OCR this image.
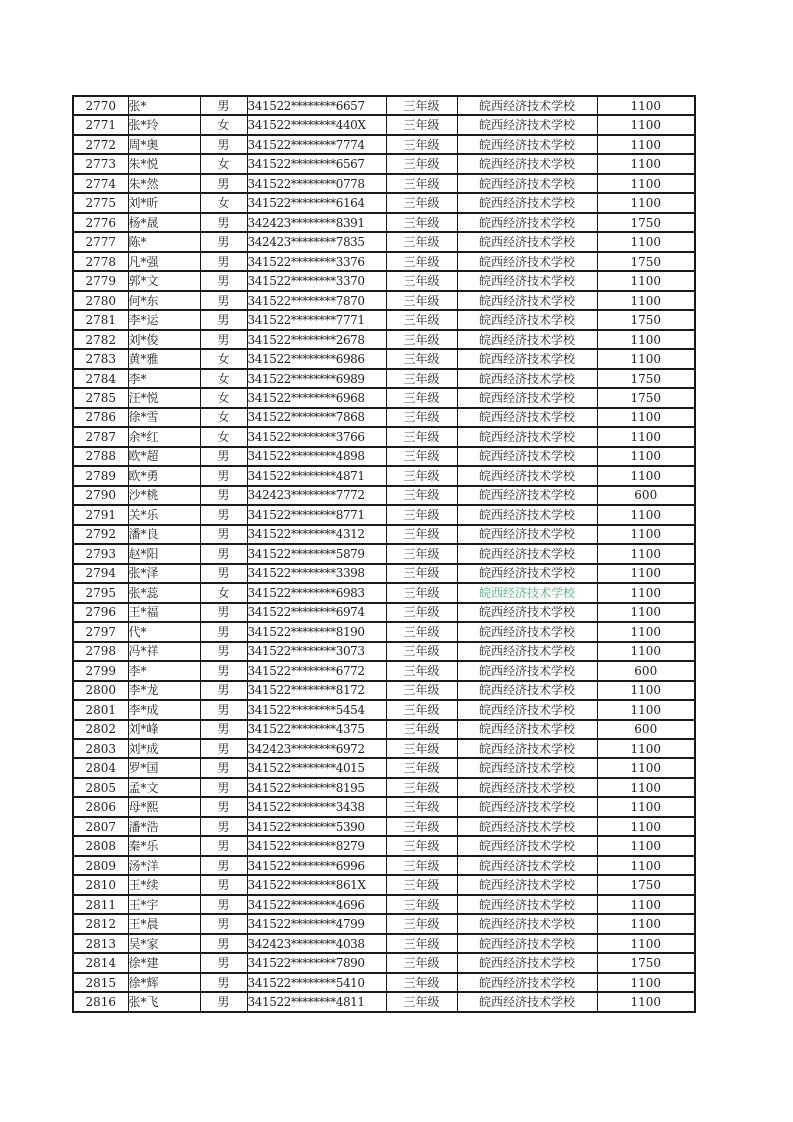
2770	张*	男	341522********6657	三年级	皖西经济技术学校	1100
2771	张*玲	女	341522********440X	三年级	皖西经济技术学校	1100
2772	周*奥	男	341522********7774	三年级	皖西经济技术学校	1100
2773	朱*悦	女	341522********6567	三年级	皖西经济技术学校	1100
2774	朱*然	男	341522********0778	三年级	皖西经济技术学校	1100
2775	刘*昕	女	341522********6164	三年级	皖西经济技术学校	1100
2776	杨*晟	男	342423********8391	三年级	皖西经济技术学校	1750
2777	陈*	男	342423********7835	三年级	皖西经济技术学校	1100
2778	凡*强	男	341522********3376	三年级	皖西经济技术学校	1750
2779	郭*文	男	341522********3370	三年级	皖西经济技术学校	1100
2780	何*东	男	341522********7870	三年级	皖西经济技术学校	1100
2781	李*运	男	341522********7771	三年级	皖西经济技术学校	1750
2782	刘*俊	男	341522********2678	三年级	皖西经济技术学校	1100
2783	黄*雅	女	341522********6986	三年级	皖西经济技术学校	1100
2784	李*	女	341522********6989	三年级	皖西经济技术学校	1750
2785	汪*悦	女	341522********6968	三年级	皖西经济技术学校	1750
2786	徐*雪	女	341522********7868	三年级	皖西经济技术学校	1100
2787	余*红	女	341522********3766	三年级	皖西经济技术学校	1100
2788	欧*超	男	341522********4898	三年级	皖西经济技术学校	1100
2789	欧*勇	男	341522********4871	三年级	皖西经济技术学校	1100
2790	沙*桃	男	342423********7772	三年级	皖西经济技术学校	600
2791	关*乐	男	341522********8771	三年级	皖西经济技术学校	1100
2792	潘*良	男	341522********4312	三年级	皖西经济技术学校	1100
2793	赵*阳	男	341522********5879	三年级	皖西经济技术学校	1100
2794	张*泽	男	341522********3398	三年级	皖西经济技术学校	1100
2795	张*蕊	女	341522********6983	三年级	皖西经济技术学校	1100
2796	王*福	男	341522********6974	三年级	皖西经济技术学校	1100
2797	代*	男	341522********8190	三年级	皖西经济技术学校	1100
2798	冯*祥	男	341522********3073	三年级	皖西经济技术学校	1100
2799	李*	男	341522********6772	三年级	皖西经济技术学校	600
2800	李*龙	男	341522********8172	三年级	皖西经济技术学校	1100
2801	李*成	男	341522********5454	三年级	皖西经济技术学校	1100
2802	刘*峰	男	341522********4375	三年级	皖西经济技术学校	600
2803	刘*成	男	342423********6972	三年级	皖西经济技术学校	1100
2804	罗*国	男	341522********4015	三年级	皖西经济技术学校	1100
2805	孟*文	男	341522********8195	三年级	皖西经济技术学校	1100
2806	母*熙	男	341522********3438	三年级	皖西经济技术学校	1100
2807	潘*浩	男	341522********5390	三年级	皖西经济技术学校	1100
2808	秦*乐	男	341522********8279	三年级	皖西经济技术学校	1100
2809	汤*洋	男	341522********6996	三年级	皖西经济技术学校	1100
2810	王*续	男	341522********861X	三年级	皖西经济技术学校	1750
2811	王*宇	男	341522********4696	三年级	皖西经济技术学校	1100
2812	王*晨	男	341522********4799	三年级	皖西经济技术学校	1100
2813	吴*家	男	342423********4038	三年级	皖西经济技术学校	1100
2814	徐*建	男	341522********7890	三年级	皖西经济技术学校	1750
2815	徐*辉	男	341522********5410	三年级	皖西经济技术学校	1100
2816	张*飞	男	341522********4811	三年级	皖西经济技术学校	1100
